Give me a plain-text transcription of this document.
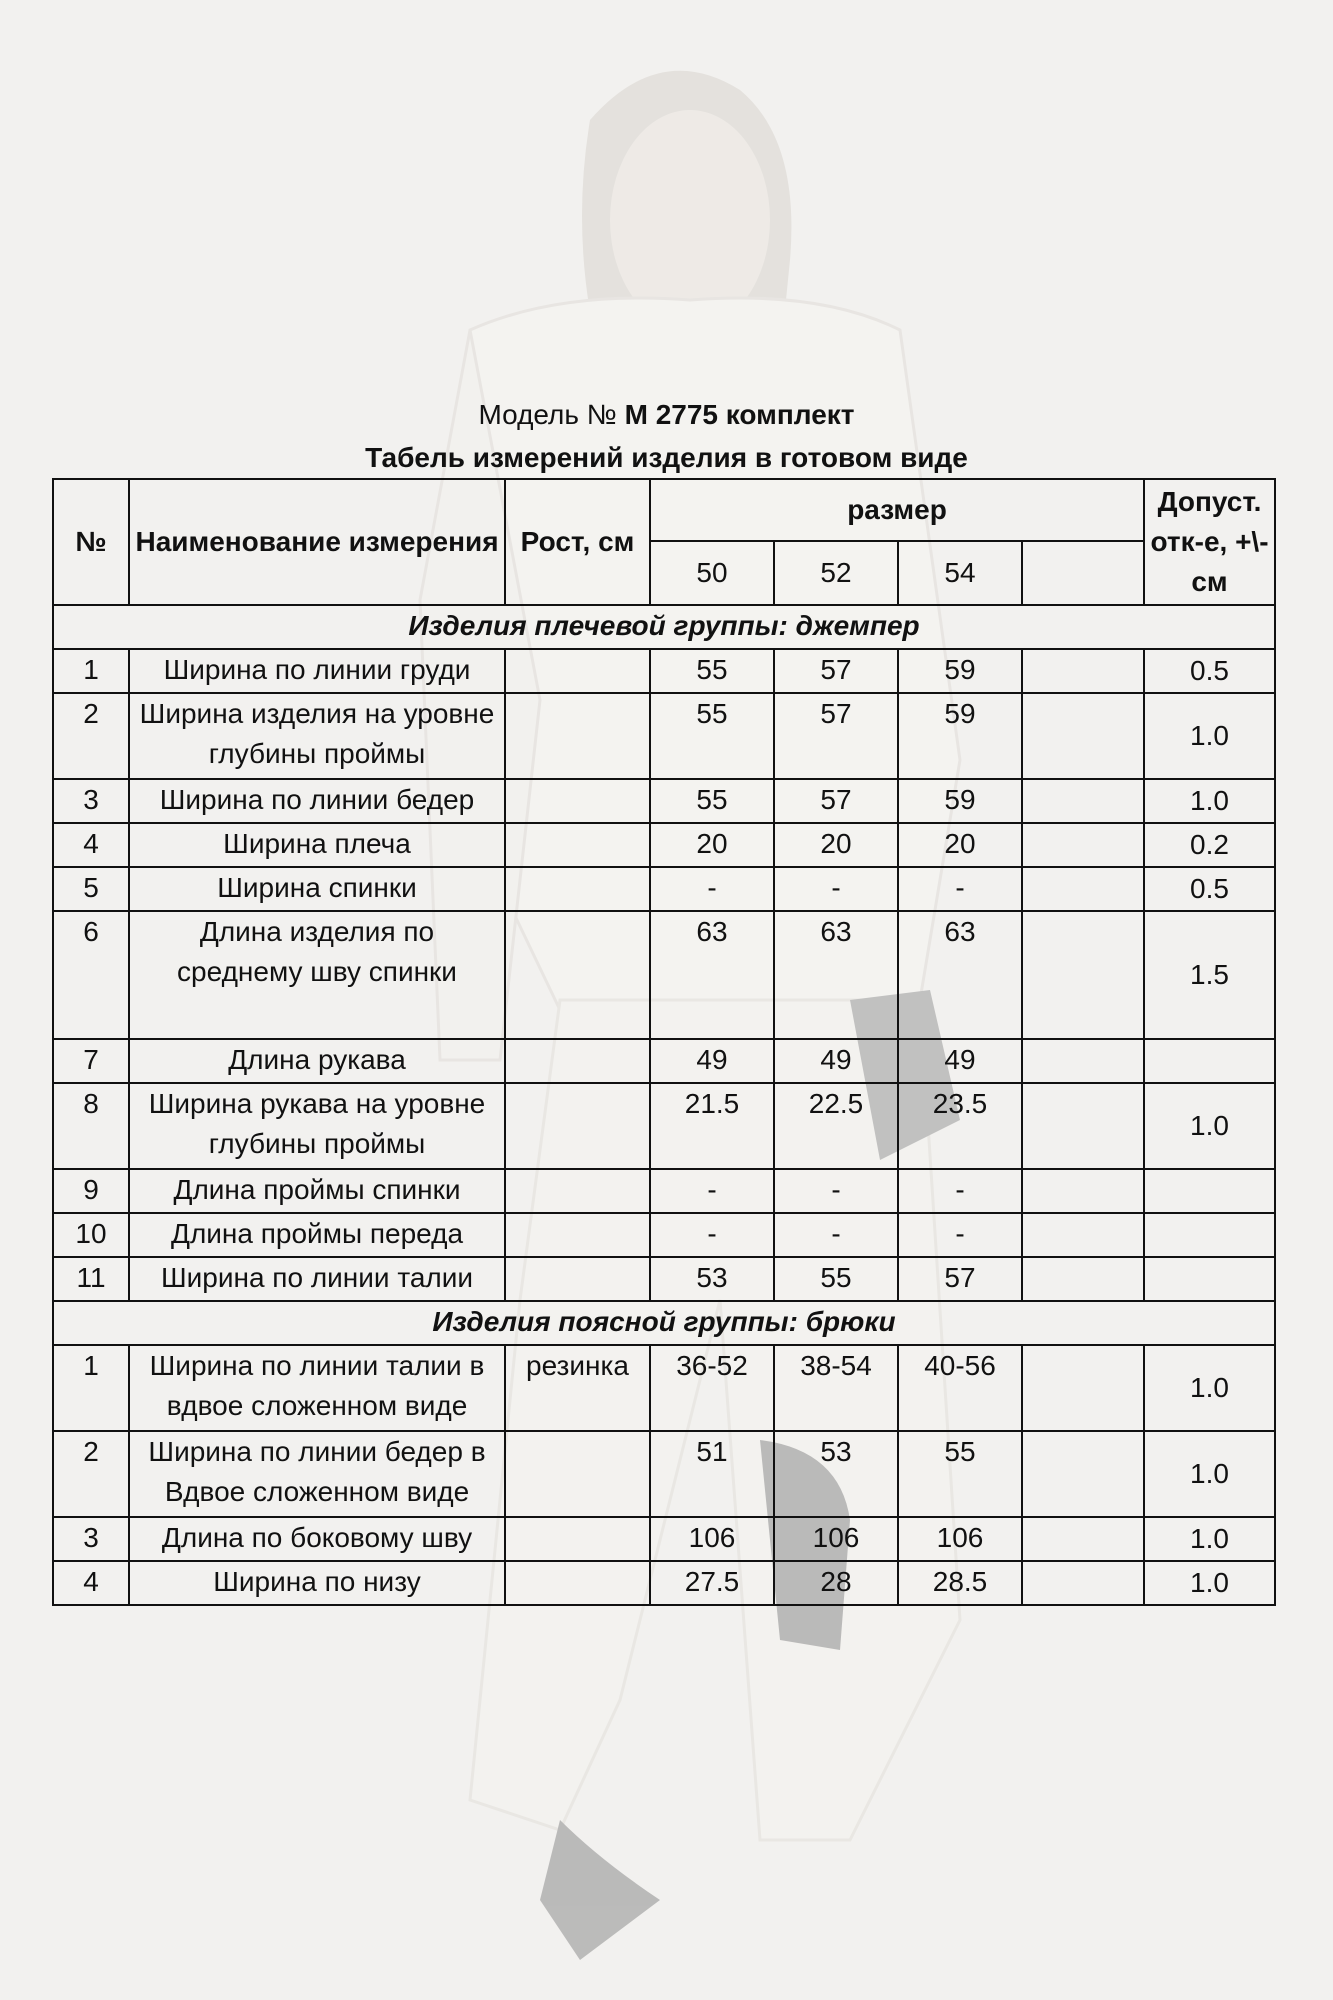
Модель № М 2775 комплект
Табель измерений изделия в готовом виде
№	Наименование измерения	Рост, см	размер				Допуст. отк-е, +\-см
			50	52	54		
Изделия плечевой группы: джемпер							
1	Ширина по линии груди		55	57	59		0.5
2	Ширина изделия на уровне глубины проймы		55	57	59		1.0
3	Ширина по линии бедер		55	57	59		1.0
4	Ширина плеча		20	20	20		0.2
5	Ширина спинки		-	-	-		0.5
6	Длина изделия по среднему шву спинки		63	63	63		1.5
7	Длина рукава		49	49	49		
8	Ширина рукава на уровне глубины проймы		21.5	22.5	23.5		1.0
9	Длина проймы спинки		-	-	-		
10	Длина проймы переда		-	-	-		
11	Ширина по линии талии		53	55	57		
Изделия поясной группы: брюки							
1	Ширина по линии талии в вдвое сложенном виде	резинка	36-52	38-54	40-56		1.0
2	Ширина по линии бедер в Вдвое сложенном виде		51	53	55		1.0
3	Длина по боковому шву		106	106	106		1.0
4	Ширина по низу		27.5	28	28.5		1.0
